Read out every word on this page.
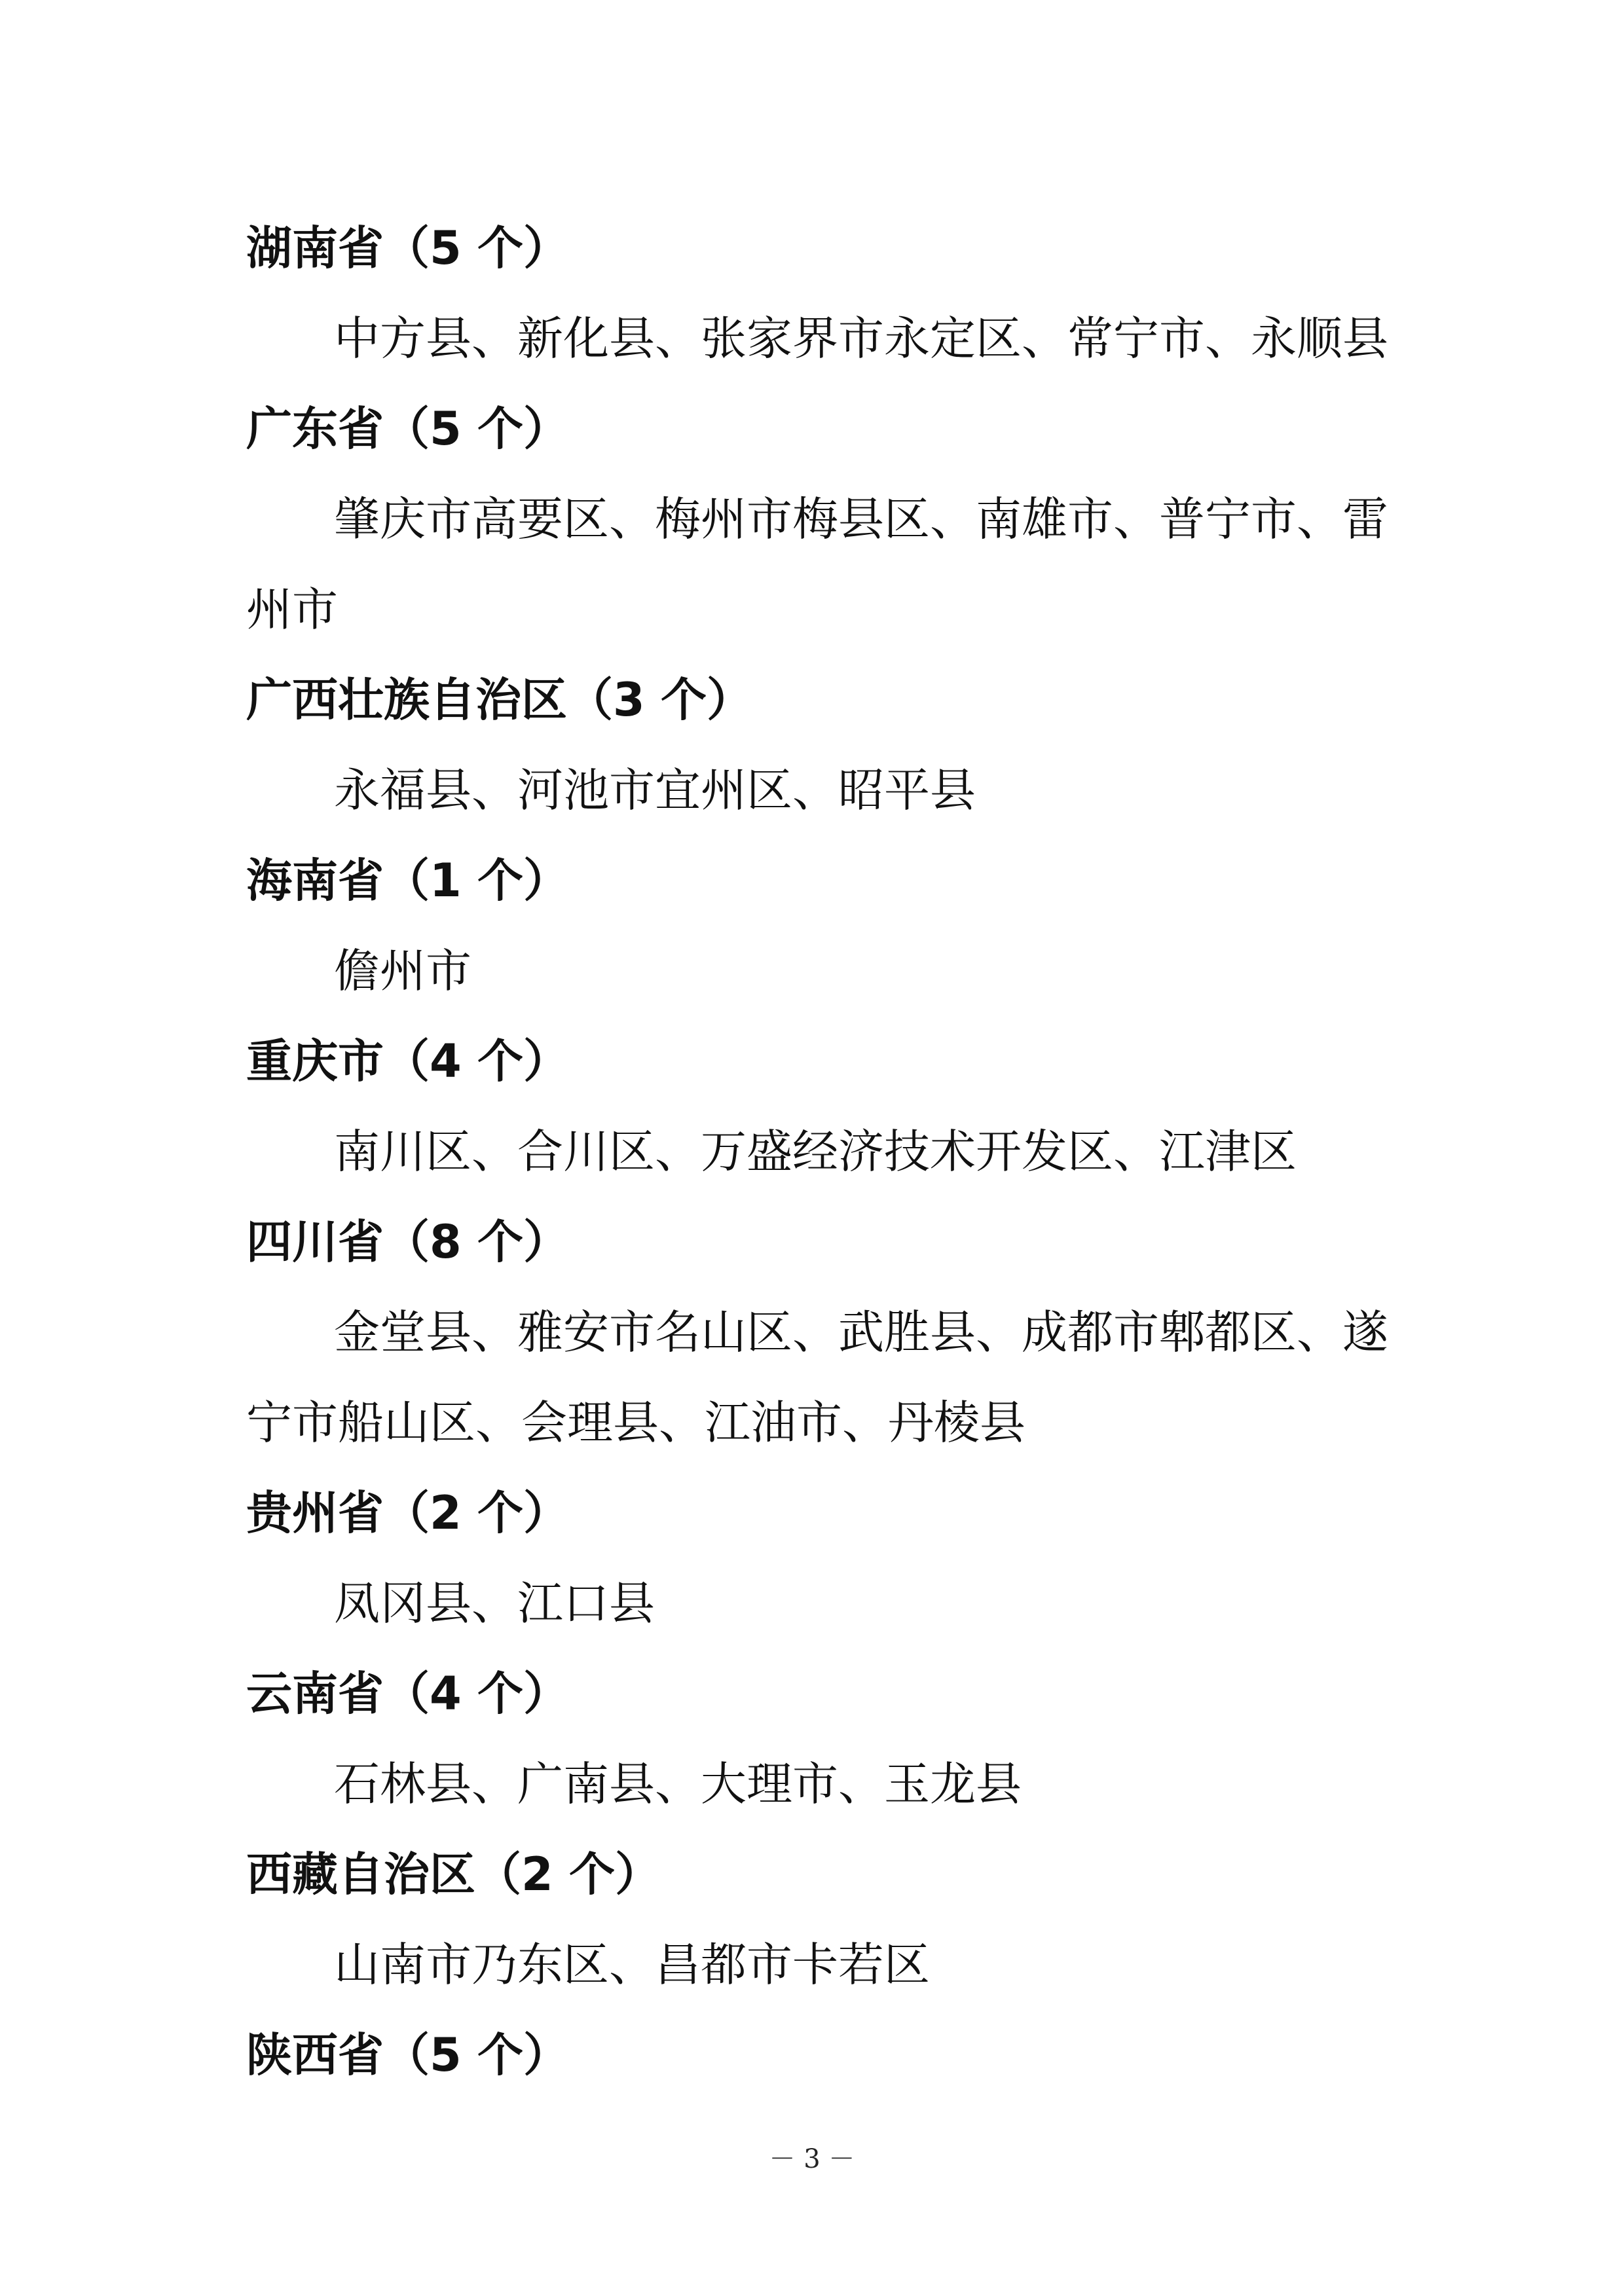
湖南省（5 个）

中方县、新化县、张家界市永定区、常宁市、永顺县

广东省（5 个）

肇庆市高要区、梅州市梅县区、南雄市、普宁市、雷

州市

广西壮族自治区（3 个）

永福县、河池市宜州区、昭平县

海南省（1 个）

儋州市

重庆市（4 个）

南川区、合川区、万盛经济技术开发区、江津区

四川省（8 个）

金堂县、雅安市名山区、武胜县、成都市郫都区、遂

宁市船山区、会理县、江油市、丹棱县

贵州省（2 个）

凤冈县、江口县

云南省（4 个）

石林县、广南县、大理市、玉龙县

西藏自治区（2 个）

山南市乃东区、昌都市卡若区

陕西省（5 个）

－ 3 －
